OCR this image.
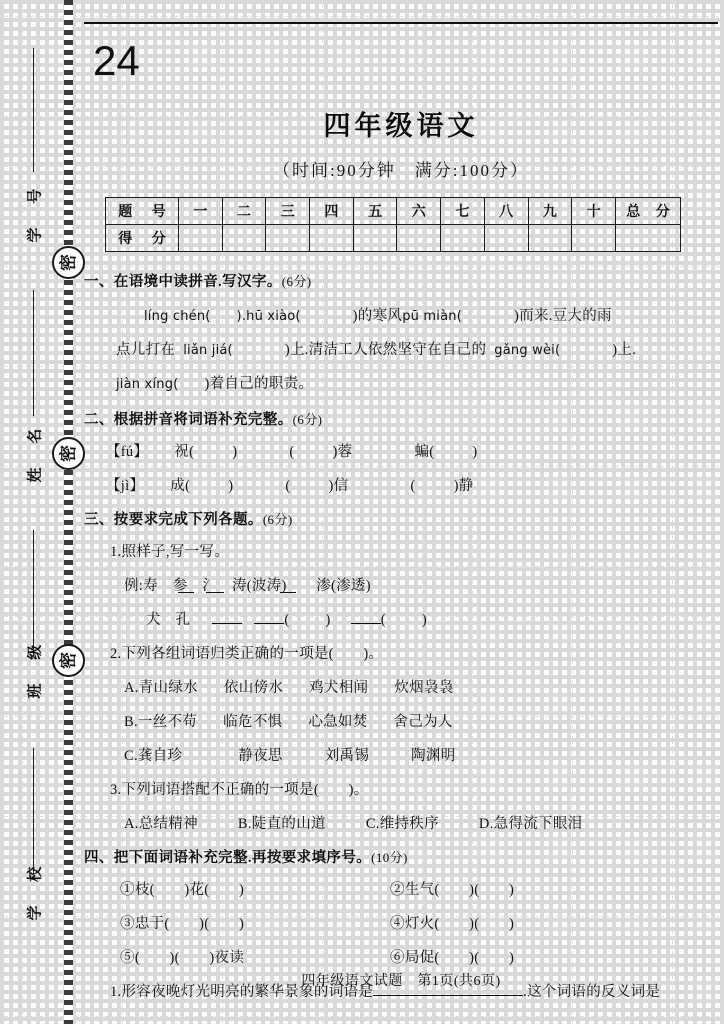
学 号
姓 名
班 级
学 校
密
密
密
24
四年级语文
（时间:90分钟　满分:100分）
题 号	一	二	三	四	五	六	七	八	九	十	总 分
得 分											
一、在语境中读拼音.写汉字。(6分)
líng chén( ).hū xiào(	)的寒风pū miàn(	)而来.豆大的雨
点儿打在 liǎn jiá(	)上.清洁工人依然坚守在自己的 gǎng wèi(	)上.
jiàn xíng( )着自己的职责。
二、根据拼音将词语补充完整。(6分)
【fú】 祝(	)	(	)蓉	蝙(	)
【jì】 成(	)	(	)信	(	)静
三、按要求完成下列各题。(6分)
1.照样子,写一写。
例:寿　参　氵　涛(波涛)　　渗(渗透)
犬　孔	( )	( )
2.下列各组词语归类正确的一项是(　　)。
A.青山绿水 依山傍水 鸡犬相闻 炊烟袅袅
B.一丝不苟 临危不惧 心急如焚 舍己为人
C.龚自珍	静夜思	刘禹锡	陶渊明
3.下列词语搭配不正确的一项是(　　)。
A.总结精神	B.陡直的山道	C.维持秩序	D.急得流下眼泪
四、把下面词语补充完整.再按要求填序号。(10分)
①枝(　　)花(　　)	②生气(　　)(　　)
③忠于(　　)(　　)	④灯火(　　)(　　)
⑤(　　)(　　)夜读	⑥局促(　　)(　　)
1.形容夜晚灯光明亮的繁华景象的词语是	.这个词语的反义词是
四年级语文试题　第1页(共6页)
